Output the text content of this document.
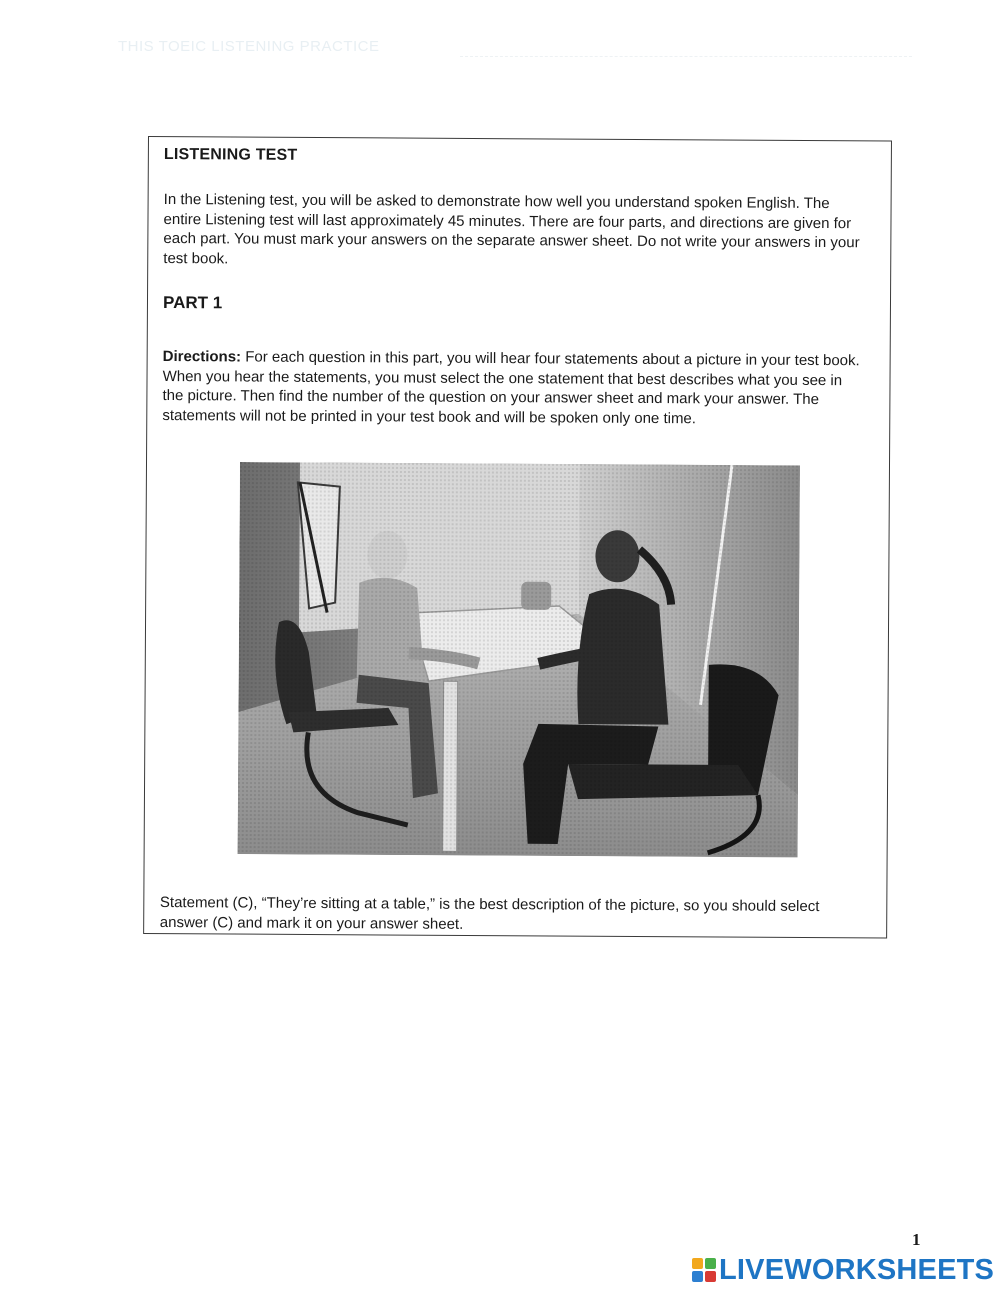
THIS TOEIC LISTENING PRACTICE
LISTENING TEST

In the Listening test, you will be asked to demonstrate how well you understand spoken English. The entire Listening test will last approximately 45 minutes. There are four parts, and directions are given for each part. You must mark your answers on the separate answer sheet. Do not write your answers in your test book.

PART 1

Directions: For each question in this part, you will hear four statements about a picture in your test book. When you hear the statements, you must select the one statement that best describes what you see in the picture. Then find the number of the question on your answer sheet and mark your answer. The statements will not be printed in your test book and will be spoken only one time.

Statement (C), “They’re sitting at a table,” is the best description of the picture, so you should select answer (C) and mark it on your answer sheet.

1
LIVEWORKSHEETS
